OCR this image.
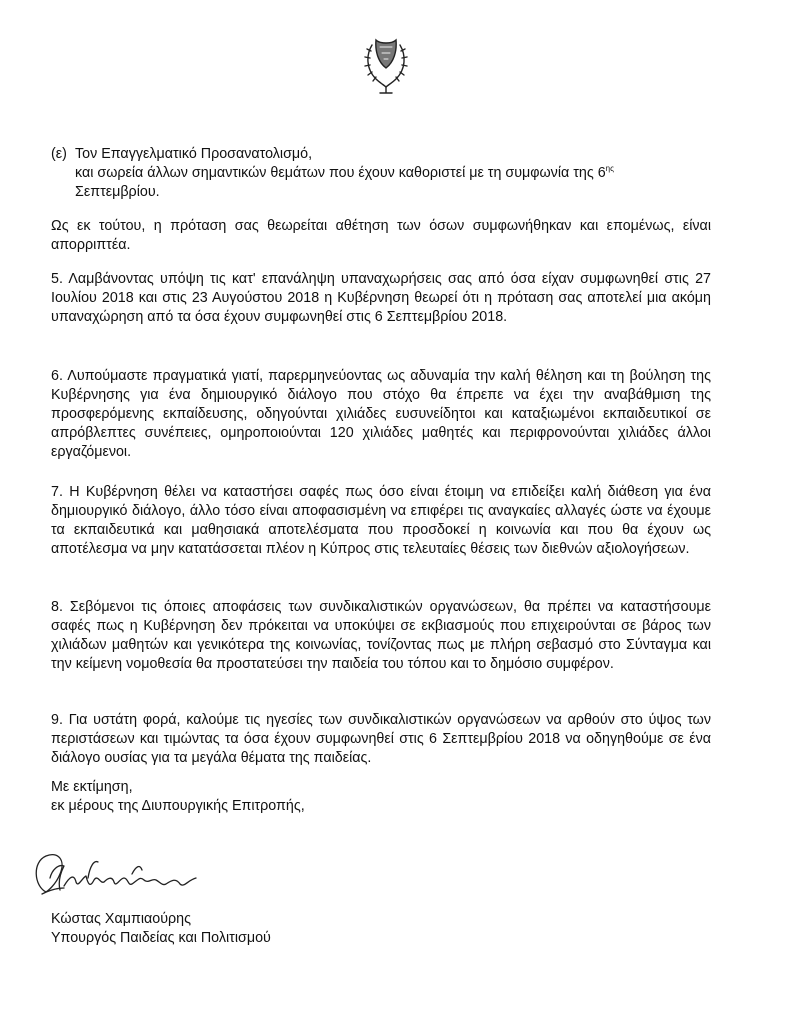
(ε) Τον Επαγγελματικό Προσανατολισμό,

και σωρεία άλλων σημαντικών θεμάτων που έχουν καθοριστεί με τη συμφωνία της $6^{\eta\varsigma}$

Σεπτεμβρίου.

Ως εκ τούτου, η πρόταση σας θεωρείται αθέτηση των όσων συμφωνήθηκαν και επομένως, είναι απορριπτέα.

5. Λαμβάνοντας υπόψη τις κατ' επανάληψη υπαναχωρήσεις σας από όσα είχαν συμφωνηθεί στις 27 Ιουλίου 2018 και στις 23 Αυγούστου 2018 η Κυβέρνηση θεωρεί ότι η πρόταση σας αποτελεί μια ακόμη υπαναχώρηση από τα όσα έχουν συμφωνηθεί στις 6 Σεπτεμβρίου 2018.

6. Λυπούμαστε πραγματικά γιατί, παρερμηνεύοντας ως αδυναμία την καλή θέληση και τη βούληση της Κυβέρνησης για ένα δημιουργικό διάλογο που στόχο θα έπρεπε να έχει την αναβάθμιση της προσφερόμενης εκπαίδευσης, οδηγούνται χιλιάδες ευσυνείδητοι και καταξιωμένοι εκπαιδευτικοί σε απρόβλεπτες συνέπειες, ομηροποιούνται 120 χιλιάδες μαθητές και περιφρονούνται χιλιάδες άλλοι εργαζόμενοι.

7. Η Κυβέρνηση θέλει να καταστήσει σαφές πως όσο είναι έτοιμη να επιδείξει καλή διάθεση για ένα δημιουργικό διάλογο, άλλο τόσο είναι αποφασισμένη να επιφέρει τις αναγκαίες αλλαγές ώστε να έχουμε τα εκπαιδευτικά και μαθησιακά αποτελέσματα που προσδοκεί η κοινωνία και που θα έχουν ως αποτέλεσμα να μην κατατάσσεται πλέον η Κύπρος στις τελευταίες θέσεις των διεθνών αξιολογήσεων.

8. Σεβόμενοι τις όποιες αποφάσεις των συνδικαλιστικών οργανώσεων, θα πρέπει να καταστήσουμε σαφές πως η Κυβέρνηση δεν πρόκειται να υποκύψει σε εκβιασμούς που επιχειρούνται σε βάρος των χιλιάδων μαθητών και γενικότερα της κοινωνίας, τονίζοντας πως με πλήρη σεβασμό στο Σύνταγμα και την κείμενη νομοθεσία θα προστατεύσει την παιδεία του τόπου και το δημόσιο συμφέρον.

9. Για υστάτη φορά, καλούμε τις ηγεσίες των συνδικαλιστικών οργανώσεων να αρθούν στο ύψος των περιστάσεων και τιμώντας τα όσα έχουν συμφωνηθεί στις 6 Σεπτεμβρίου 2018 να οδηγηθούμε σε ένα διάλογο ουσίας για τα μεγάλα θέματα της παιδείας.

Με εκτίμηση,

εκ μέρους της Διυπουργικής Επιτροπής,

Κώστας Χαμπιαούρης

Υπουργός Παιδείας και Πολιτισμού
